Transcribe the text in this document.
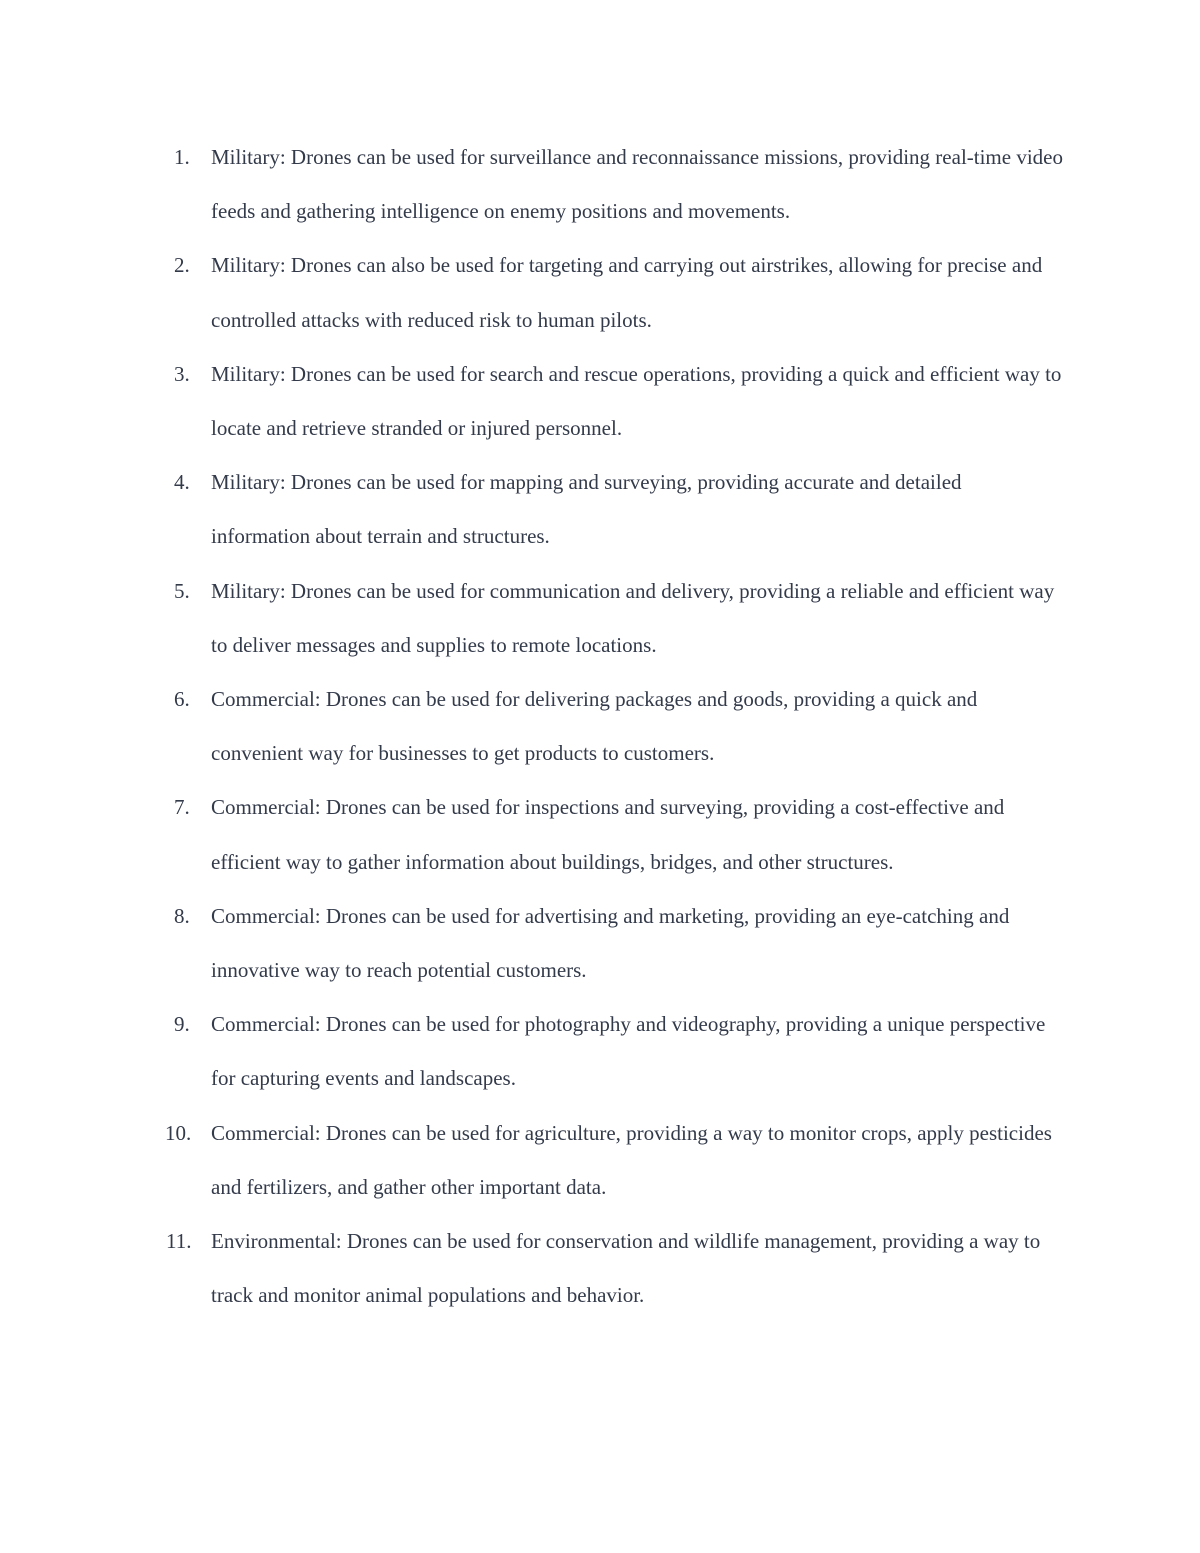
1. Military: Drones can be used for surveillance and reconnaissance missions, providing real-time video feeds and gathering intelligence on enemy positions and movements.
2. Military: Drones can also be used for targeting and carrying out airstrikes, allowing for precise and controlled attacks with reduced risk to human pilots.
3. Military: Drones can be used for search and rescue operations, providing a quick and efficient way to locate and retrieve stranded or injured personnel.
4. Military: Drones can be used for mapping and surveying, providing accurate and detailed information about terrain and structures.
5. Military: Drones can be used for communication and delivery, providing a reliable and efficient way to deliver messages and supplies to remote locations.
6. Commercial: Drones can be used for delivering packages and goods, providing a quick and convenient way for businesses to get products to customers.
7. Commercial: Drones can be used for inspections and surveying, providing a cost-effective and efficient way to gather information about buildings, bridges, and other structures.
8. Commercial: Drones can be used for advertising and marketing, providing an eye-catching and innovative way to reach potential customers.
9. Commercial: Drones can be used for photography and videography, providing a unique perspective for capturing events and landscapes.
10. Commercial: Drones can be used for agriculture, providing a way to monitor crops, apply pesticides and fertilizers, and gather other important data.
11. Environmental: Drones can be used for conservation and wildlife management, providing a way to track and monitor animal populations and behavior.
